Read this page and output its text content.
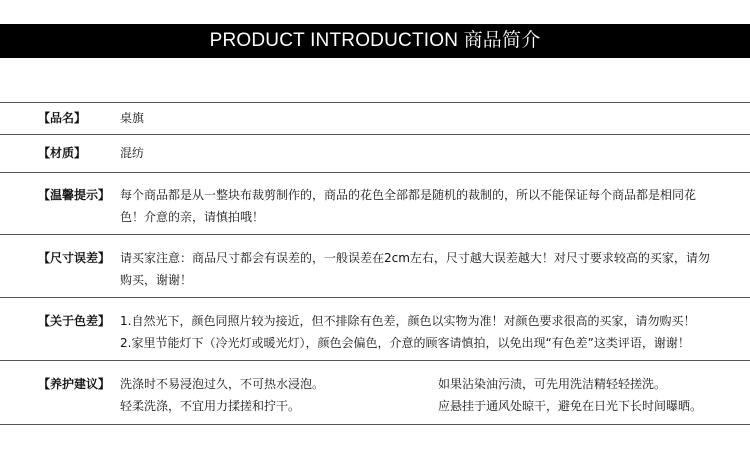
PRODUCT INTRODUCTION 商品简介
【品名】	桌旗
【材质】	混纺
【温馨提示】 每个商品都是从一整块布裁剪制作的，商品的花色全部都是随机的裁制的，所以不能保证每个商品都是相同花
色！介意的亲，请慎拍哦！
【尺寸误差】 请买家注意：商品尺寸都会有误差的，一般误差在2cm左右，尺寸越大误差越大！对尺寸要求较高的买家，请勿
购买，谢谢！
【关于色差】 1.自然光下，颜色同照片较为接近，但不排除有色差，颜色以实物为准！对颜色要求很高的买家，请勿购买！
2.家里节能灯下（冷光灯或暖光灯），颜色会偏色，介意的顾客请慎拍，以免出现“有色差”这类评语，谢谢！
【养护建议】 洗涤时不易浸泡过久，不可热水浸泡。
轻柔洗涤，不宜用力揉搓和拧干。
如果沾染油污渍，可先用洗洁精轻轻搓洗。
应悬挂于通风处晾干，避免在日光下长时间曝晒。
